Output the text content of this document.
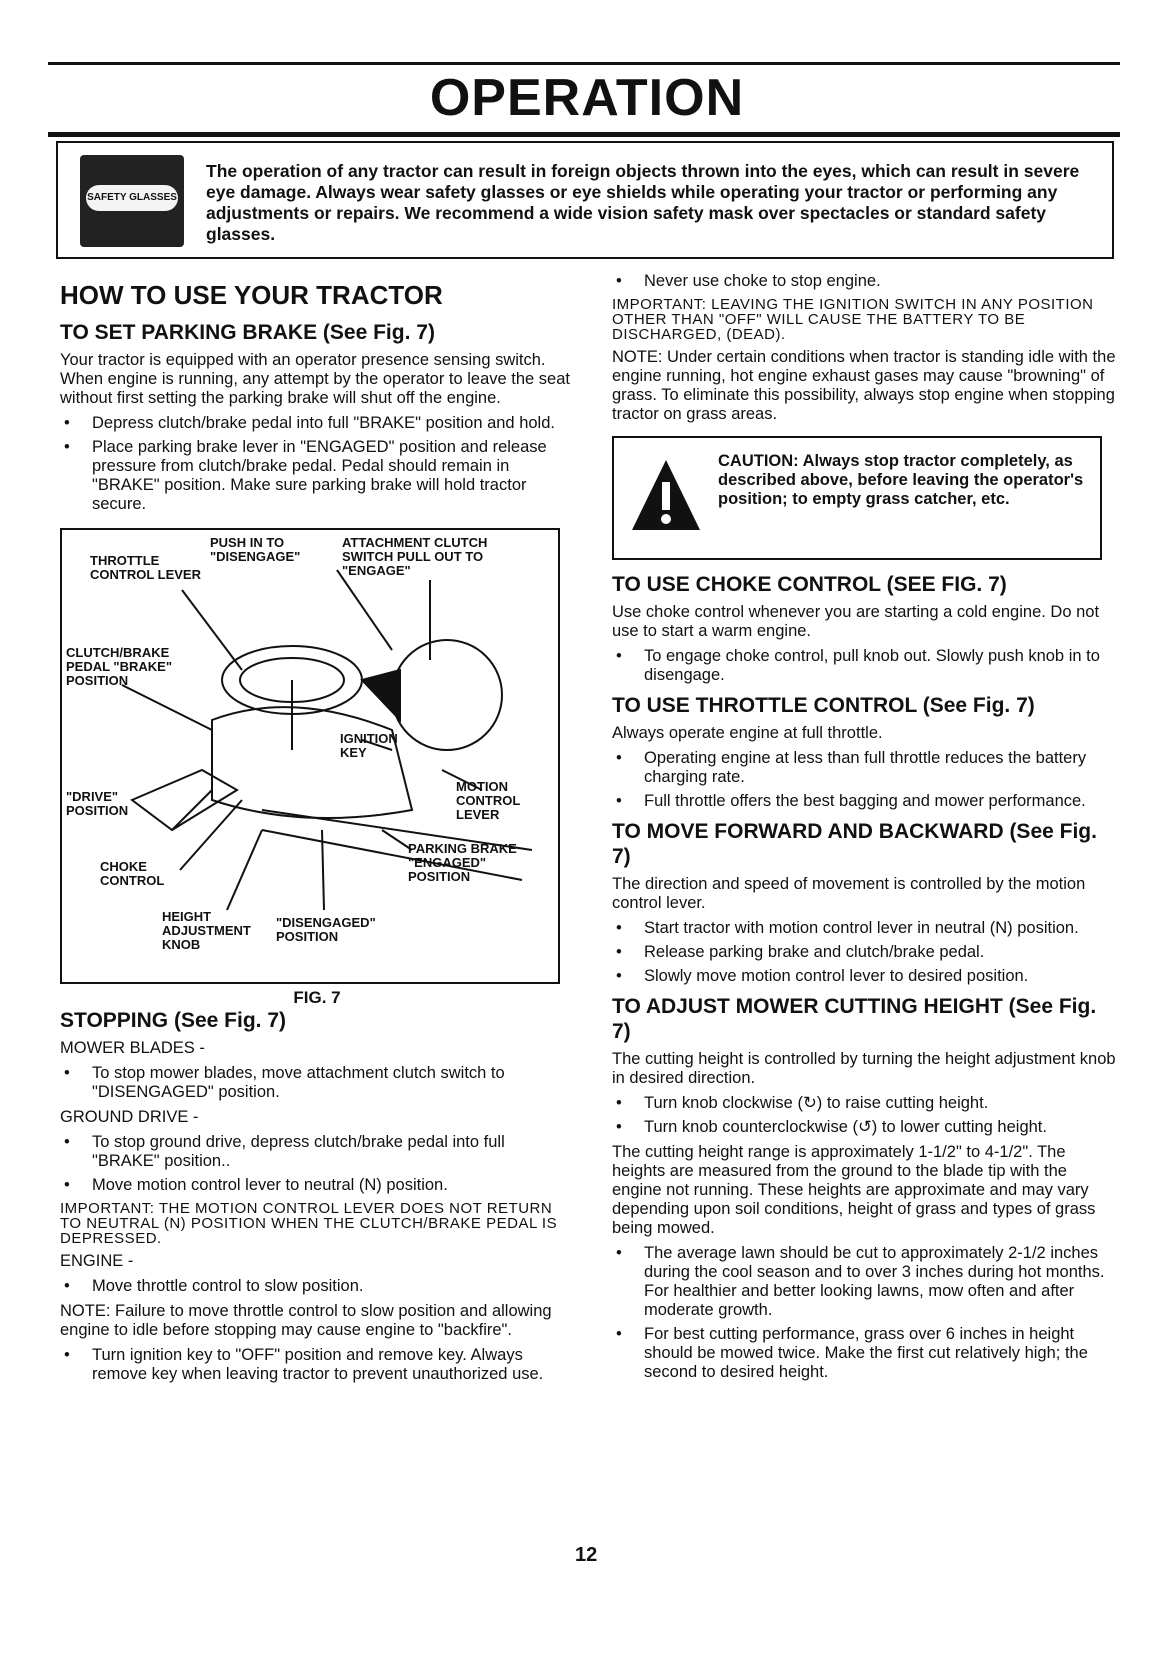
OPERATION
SAFETY GLASSES
The operation of any tractor can result in foreign objects thrown into the eyes, which can result in severe eye damage. Always wear safety glasses or eye shields while operating your tractor or performing any adjustments or repairs. We recommend a wide vision safety mask over spectacles or standard safety glasses.
HOW TO USE YOUR TRACTOR
TO SET PARKING BRAKE (See Fig. 7)

Your tractor is equipped with an operator presence sensing switch. When engine is running, any attempt by the operator to leave the seat without first setting the parking brake will shut off the engine.

• Depress clutch/brake pedal into full "BRAKE" position and hold.
• Place parking brake lever in "ENGAGED" position and release pressure from clutch/brake pedal. Pedal should remain in "BRAKE" position. Make sure parking brake will hold tractor secure.
PUSH IN TO "DISENGAGE"
ATTACHMENT CLUTCH SWITCH PULL OUT TO "ENGAGE"
THROTTLE CONTROL LEVER
CLUTCH/BRAKE PEDAL "BRAKE" POSITION
IGNITION KEY
"DRIVE" POSITION
MOTION CONTROL LEVER
PARKING BRAKE "ENGAGED" POSITION
CHOKE CONTROL
HEIGHT ADJUSTMENT KNOB
"DISENGAGED" POSITION
FIG. 7
STOPPING (See Fig. 7)

MOWER BLADES -

• To stop mower blades, move attachment clutch switch to "DISENGAGED" position.

GROUND DRIVE -

• To stop ground drive, depress clutch/brake pedal into full "BRAKE" position..
• Move motion control lever to neutral (N) position.

IMPORTANT: THE MOTION CONTROL LEVER DOES NOT RETURN TO NEUTRAL (N) POSITION WHEN THE CLUTCH/BRAKE PEDAL IS DEPRESSED.

ENGINE -

• Move throttle control to slow position.

NOTE: Failure to move throttle control to slow position and allowing engine to idle before stopping may cause engine to "backfire".

• Turn ignition key to "OFF" position and remove key. Always remove key when leaving tractor to prevent unauthorized use.
• Never use choke to stop engine.

IMPORTANT: LEAVING THE IGNITION SWITCH IN ANY POSITION OTHER THAN "OFF" WILL CAUSE THE BATTERY TO BE DISCHARGED, (DEAD).

NOTE: Under certain conditions when tractor is standing idle with the engine running, hot engine exhaust gases may cause "browning" of grass. To eliminate this possibility, always stop engine when stopping tractor on grass areas.

CAUTION: Always stop tractor completely, as described above, before leaving the operator's position; to empty grass catcher, etc.
TO USE CHOKE CONTROL (SEE FIG. 7)

Use choke control whenever you are starting a cold engine. Do not use to start a warm engine.

• To engage choke control, pull knob out. Slowly push knob in to disengage.
TO USE THROTTLE CONTROL (See Fig. 7)

Always operate engine at full throttle.

• Operating engine at less than full throttle reduces the battery charging rate.
• Full throttle offers the best bagging and mower performance.
TO MOVE FORWARD AND BACKWARD (See Fig. 7)

The direction and speed of movement is controlled by the motion control lever.

• Start tractor with motion control lever in neutral (N) position.
• Release parking brake and clutch/brake pedal.
• Slowly move motion control lever to desired position.
TO ADJUST MOWER CUTTING HEIGHT (See Fig. 7)

The cutting height is controlled by turning the height adjustment knob in desired direction.

• Turn knob clockwise (↻) to raise cutting height.
• Turn knob counterclockwise (↺) to lower cutting height.

The cutting height range is approximately 1-1/2" to 4-1/2". The heights are measured from the ground to the blade tip with the engine not running. These heights are approximate and may vary depending upon soil conditions, height of grass and types of grass being mowed.

• The average lawn should be cut to approximately 2-1/2 inches during the cool season and to over 3 inches during hot months. For healthier and better looking lawns, mow often and after moderate growth.
• For best cutting performance, grass over 6 inches in height should be mowed twice. Make the first cut relatively high; the second to desired height.
12
